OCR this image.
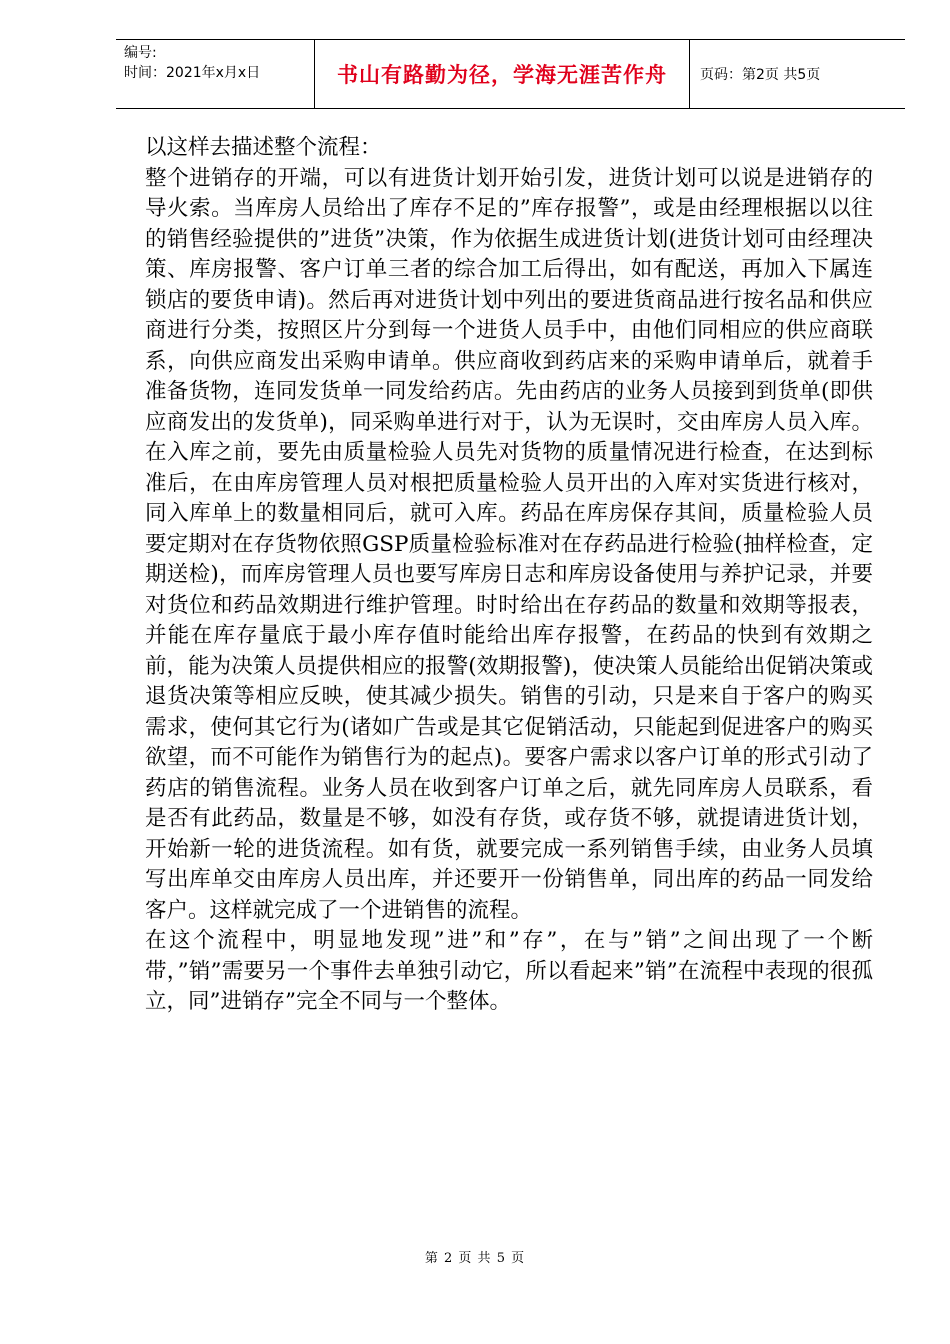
编号:
时间：2021年x月x日	书山有路勤为径，学海无涯苦作舟 页码：第2页 共5页

以这样去描述整个流程：

整个进销存的开端，可以有进货计划开始引发，进货计划可以说是进销存的导火索。当库房人员给出了库存不足的”库存报警”，或是由经理根据以以往的销售经验提供的”进货”决策，作为依据生成进货计划(进货计划可由经理决策、库房报警、客户订单三者的综合加工后得出，如有配送，再加入下属连锁店的要货申请)。然后再对进货计划中列出的要进货商品进行按名品和供应商进行分类，按照区片分到每一个进货人员手中，由他们同相应的供应商联系，向供应商发出采购申请单。供应商收到药店来的采购申请单后，就着手准备货物，连同发货单一同发给药店。先由药店的业务人员接到到货单(即供应商发出的发货单)，同采购单进行对于，认为无误时，交由库房人员入库。在入库之前，要先由质量检验人员先对货物的质量情况进行检查，在达到标准后，在由库房管理人员对根把质量检验人员开出的入库对实货进行核对，同入库单上的数量相同后，就可入库。药品在库房保存其间，质量检验人员要定期对在存货物依照GSP质量检验标准对在存药品进行检验(抽样检查，定期送检)，而库房管理人员也要写库房日志和库房设备使用与养护记录，并要对货位和药品效期进行维护管理。时时给出在存药品的数量和效期等报表，并能在库存量底于最小库存值时能给出库存报警，在药品的快到有效期之前，能为决策人员提供相应的报警(效期报警)，使决策人员能给出促销决策或退货决策等相应反映，使其减少损失。销售的引动，只是来自于客户的购买需求，使何其它行为(诸如广告或是其它促销活动，只能起到促进客户的购买欲望，而不可能作为销售行为的起点)。要客户需求以客户订单的形式引动了药店的销售流程。业务人员在收到客户订单之后，就先同库房人员联系，看是否有此药品，数量是不够，如没有存货，或存货不够，就提请进货计划，开始新一轮的进货流程。如有货，就要完成一系列销售手续，由业务人员填写出库单交由库房人员出库，并还要开一份销售单，同出库的药品一同发给客户。这样就完成了一个进销售的流程。

在这个流程中，明显地发现”进”和”存”，在与”销”之间出现了一个断带，”销”需要另一个事件去单独引动它，所以看起来”销”在流程中表现的很孤立，同”进销存”完全不同与一个整体。

第 2 页 共 5 页
